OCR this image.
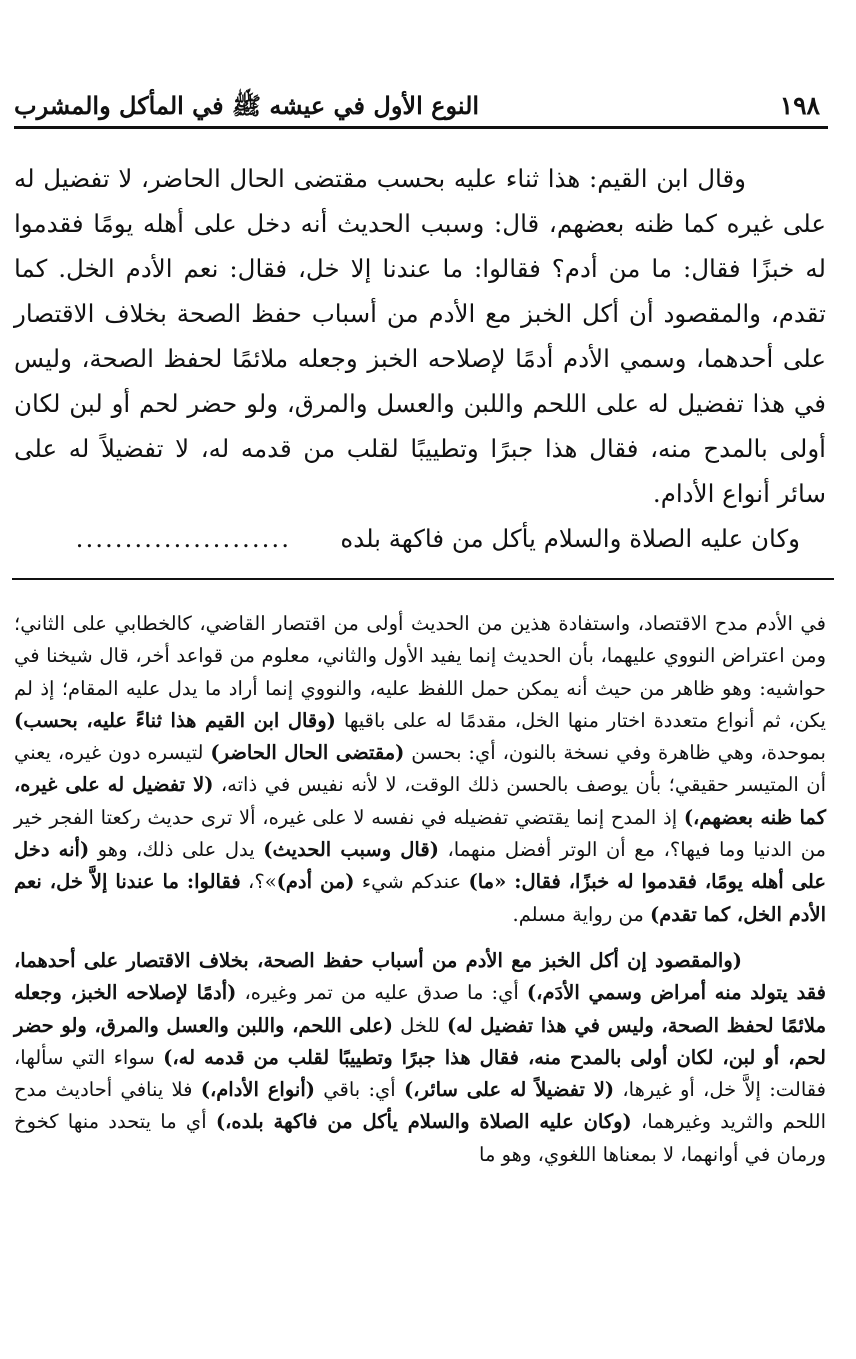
النوع الأول في عيشه ﷺ في المأكل والمشرب	١٩٨

وقال ابن القيم: هذا ثناء عليه بحسب مقتضى الحال الحاضر، لا تفضيل له على غيره كما ظنه بعضهم، قال: وسبب الحديث أنه دخل على أهله يومًا فقدموا له خبزًا فقال: ما من أدم؟ فقالوا: ما عندنا إلا خل، فقال: نعم الأدم الخل. كما تقدم، والمقصود أن أكل الخبز مع الأدم من أسباب حفظ الصحة بخلاف الاقتصار على أحدهما، وسمي الأدم أدمًا لإصلاحه الخبز وجعله ملائمًا لحفظ الصحة، وليس في هذا تفضيل له على اللحم واللبن والعسل والمرق، ولو حضر لحم أو لبن لكان أولى بالمدح منه، فقال هذا جبرًا وتطييبًا لقلب من قدمه له، لا تفضيلاً له على سائر أنواع الأدام.

وكان عليه الصلاة والسلام يأكل من فاكهة بلده   ......................

في الأدم مدح الاقتصاد، واستفادة هذين من الحديث أولى من اقتصار القاضي، كالخطابي على الثاني؛ ومن اعتراض النووي عليهما، بأن الحديث إنما يفيد الأول والثاني، معلوم من قواعد أخر، قال شيخنا في حواشيه: وهو ظاهر من حيث أنه يمكن حمل اللفظ عليه، والنووي إنما أراد ما يدل عليه المقام؛ إذ لم يكن، ثم أنواع متعددة اختار منها الخل، مقدمًا له على باقيها (وقال ابن القيم هذا ثناءً عليه، بحسب) بموحدة، وهي ظاهرة وفي نسخة بالنون، أي: بحسن (مقتضى الحال الحاضر) لتيسره دون غيره، يعني أن المتيسر حقيقي؛ بأن يوصف بالحسن ذلك الوقت، لا لأنه نفيس في ذاته، (لا تفضيل له على غيره، كما ظنه بعضهم،) إذ المدح إنما يقتضي تفضيله في نفسه لا على غيره، ألا ترى حديث ركعتا الفجر خير من الدنيا وما فيها؟، مع أن الوتر أفضل منهما، (قال وسبب الحديث) يدل على ذلك، وهو (أنه دخل على أهله يومًا، فقدموا له خبزًا، فقال: «ما) عندكم شيء (من أدم)»؟، فقالوا: ما عندنا إلاَّ خل، نعم الأدم الخل، كما تقدم) من رواية مسلم.

(والمقصود إن أكل الخبز مع الأدم من أسباب حفظ الصحة، بخلاف الاقتصار على أحدهما، فقد يتولد منه أمراض وسمي الأدَم،) أي: ما صدق عليه من تمر وغيره، (أدمًا لإصلاحه الخبز، وجعله ملائمًا لحفظ الصحة، وليس في هذا تفضيل له) للخل (على اللحم، واللبن والعسل والمرق، ولو حضر لحم، أو لبن، لكان أولى بالمدح منه، فقال هذا جبرًا وتطييبًا لقلب من قدمه له،) سواء التي سألها، فقالت: إلاَّ خل، أو غيرها، (لا تفضيلاً له على سائر،) أي: باقي (أنواع الأدام،) فلا ينافي أحاديث مدح اللحم والثريد وغيرهما، (وكان عليه الصلاة والسلام يأكل من فاكهة بلده،) أي ما يتحدد منها كخوخ ورمان في أوانهما، لا بمعناها اللغوي، وهو ما
